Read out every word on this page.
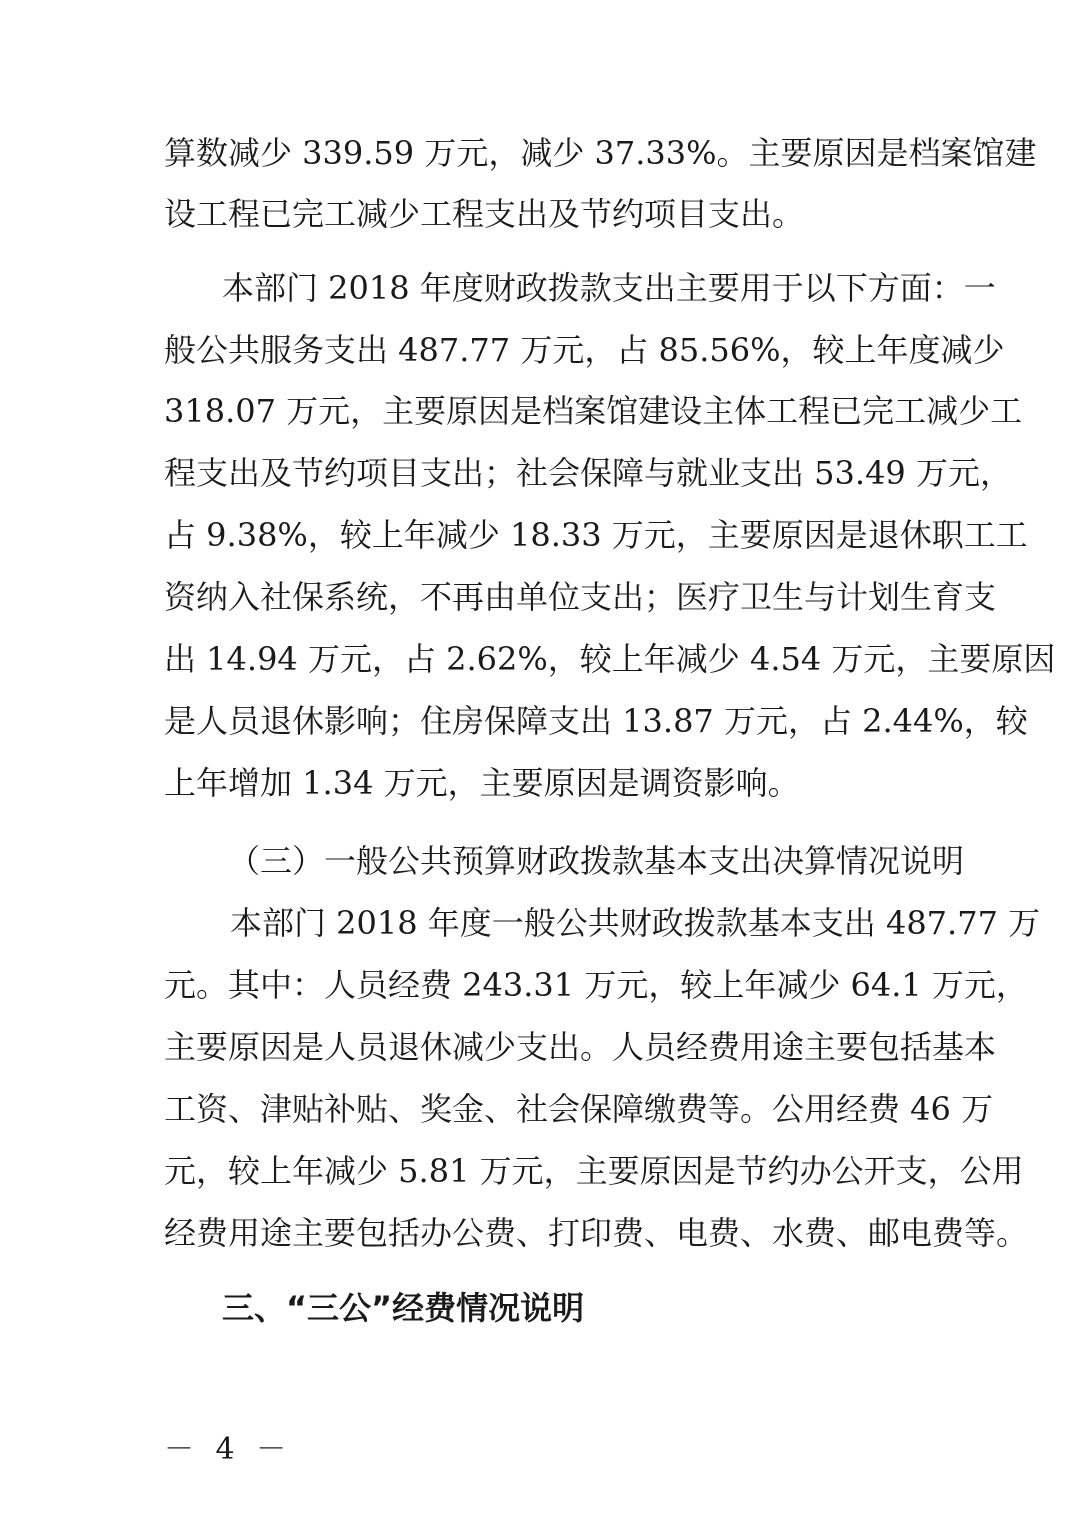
算数减少 339.59 万元，减少 37.33%。主要原因是档案馆建
设工程已完工减少工程支出及节约项目支出。
本部门 2018 年度财政拨款支出主要用于以下方面：一
般公共服务支出 487.77 万元，占 85.56%，较上年度减少
318.07 万元，主要原因是档案馆建设主体工程已完工减少工
程支出及节约项目支出；社会保障与就业支出 53.49 万元，
占 9.38%，较上年减少 18.33 万元，主要原因是退休职工工
资纳入社保系统，不再由单位支出；医疗卫生与计划生育支
出 14.94 万元，占 2.62%，较上年减少 4.54 万元，主要原因
是人员退休影响；住房保障支出 13.87 万元，占 2.44%，较
上年增加 1.34 万元，主要原因是调资影响。
（三）一般公共预算财政拨款基本支出决算情况说明
本部门 2018 年度一般公共财政拨款基本支出 487.77 万
元。其中：人员经费 243.31 万元，较上年减少 64.1 万元，
主要原因是人员退休减少支出。人员经费用途主要包括基本
工资、津贴补贴、奖金、社会保障缴费等。公用经费 46 万
元，较上年减少 5.81 万元，主要原因是节约办公开支，公用
经费用途主要包括办公费、打印费、电费、水费、邮电费等。
三、“三公”经费情况说明
－ 4 －
